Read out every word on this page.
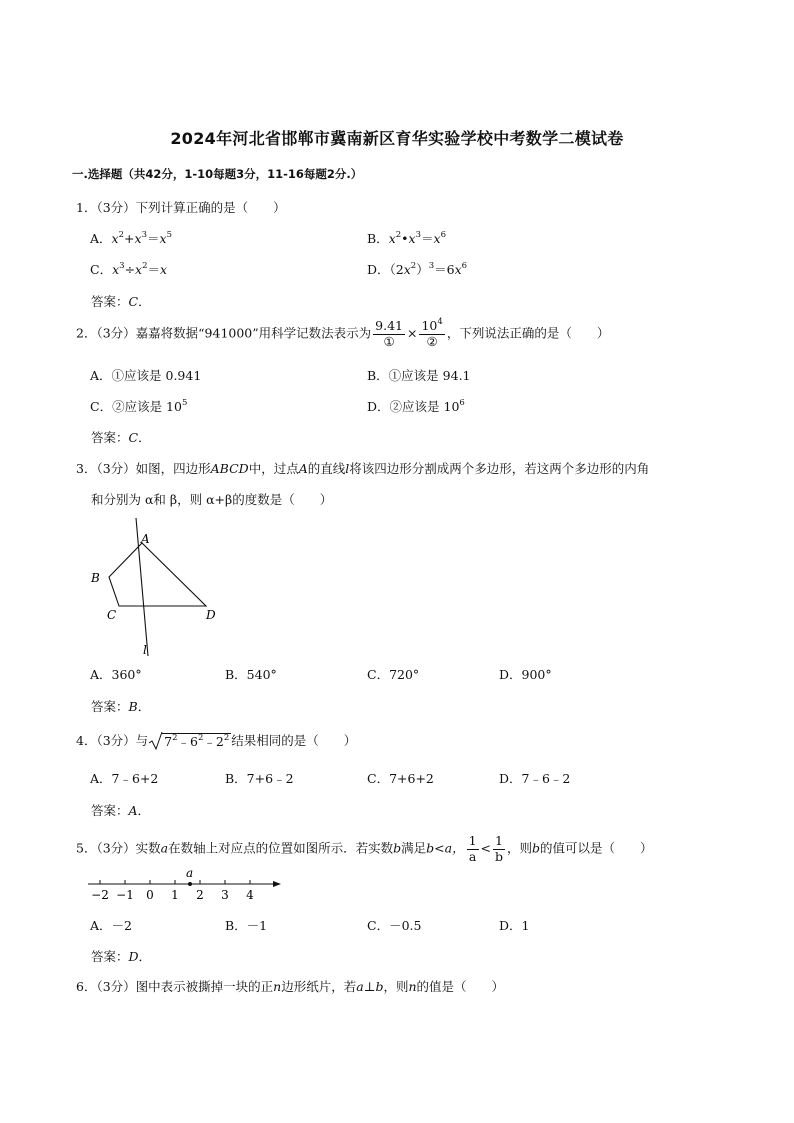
2024年河北省邯郸市冀南新区育华实验学校中考数学二模试卷
一.选择题（共42分，1-10每题3分，11-16每题2分.）
1．（3分）下列计算正确的是（　　）
A．$x^2+x^3=x^5$	B．$x^2•x^3=x^6$
C．$x^3\div x^2=x$	D．$(2x^2)^3=6x^6$
答案：C．
2．（3分）嘉嘉将数据“941000”用科学记数法表示为 $\frac{9.41}{\text{①}} \times \frac{10^4}{\text{②}}$ ，下列说法正确的是（　　）
A．①应该是 0.941	B．①应该是 94.1
C．②应该是 $10^5$	D．②应该是 $10^6$
答案：C．
3．（3分）如图，四边形ABCD中，过点A的直线l将该四边形分割成两个多边形，若这两个多边形的内角
和分别为 α和 β，则 α+β的度数是（　　）
A
B
C	D
l
A．360°	B．540°	C．720°	D．900°
答案：B．
4．（3分）与 $7^2﹣6^2﹣2^2$ 结果相同的是（　　）
A．7﹣6+2	B．7+6﹣2	C．7+6+2	D．7﹣6﹣2
答案：A．
5．（3分）实数a在数轴上对应点的位置如图所示．若实数b满足b<a， $\frac{1}{a} < \frac{1}{b}$ ，则b的值可以是（　　）
−2 −1 0 1 2 3 4
a
A．－2	B．－1	C．－0.5	D．1
答案：D．
6．（3分）图中表示被撕掉一块的正n边形纸片，若a⊥b，则n的值是（　　）
